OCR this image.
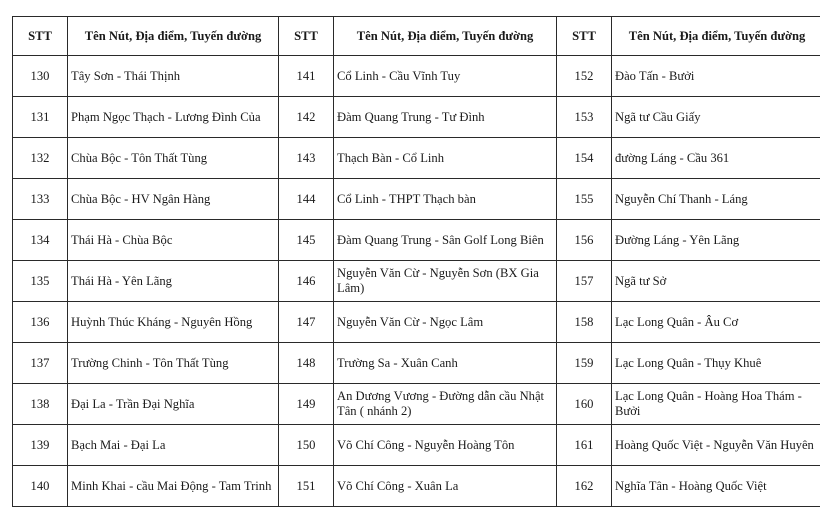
STT	Tên Nút, Địa điểm, Tuyến đường	STT	Tên Nút, Địa điểm, Tuyến đường	STT	Tên Nút, Địa điểm, Tuyến đường
130	Tây Sơn - Thái Thịnh	141	Cổ Linh - Cầu Vĩnh Tuy	152	Đào Tấn - Bưởi
131	Phạm Ngọc Thạch - Lương Đình Của	142	Đàm Quang Trung - Tư Đình	153	Ngã tư Cầu Giấy
132	Chùa Bộc - Tôn Thất Tùng	143	Thạch Bàn - Cổ Linh	154	đường Láng - Cầu 361
133	Chùa Bộc - HV Ngân Hàng	144	Cổ Linh - THPT Thạch bàn	155	Nguyễn Chí Thanh - Láng
134	Thái Hà - Chùa Bộc	145	Đàm Quang Trung - Sân Golf Long Biên	156	Đường Láng - Yên Lãng
135	Thái Hà - Yên Lãng	146	Nguyễn Văn Cừ - Nguyễn Sơn (BX Gia Lâm)	157	Ngã tư Sở
136	Huỳnh Thúc Kháng - Nguyên Hồng	147	Nguyễn Văn Cừ - Ngọc Lâm	158	Lạc Long Quân - Âu Cơ
137	Trường Chinh - Tôn Thất Tùng	148	Trường Sa - Xuân Canh	159	Lạc Long Quân - Thụy Khuê
138	Đại La - Trần Đại Nghĩa	149	An Dương Vương - Đường dẫn cầu Nhật Tân ( nhánh 2)	160	Lạc Long Quân - Hoàng Hoa Thám - Bưởi
139	Bạch Mai - Đại La	150	Võ Chí Công - Nguyễn Hoàng Tôn	161	Hoàng Quốc Việt - Nguyễn Văn Huyên
140	Minh Khai - cầu Mai Động - Tam Trinh	151	Võ Chí Công - Xuân La	162	Nghĩa Tân - Hoàng Quốc Việt
